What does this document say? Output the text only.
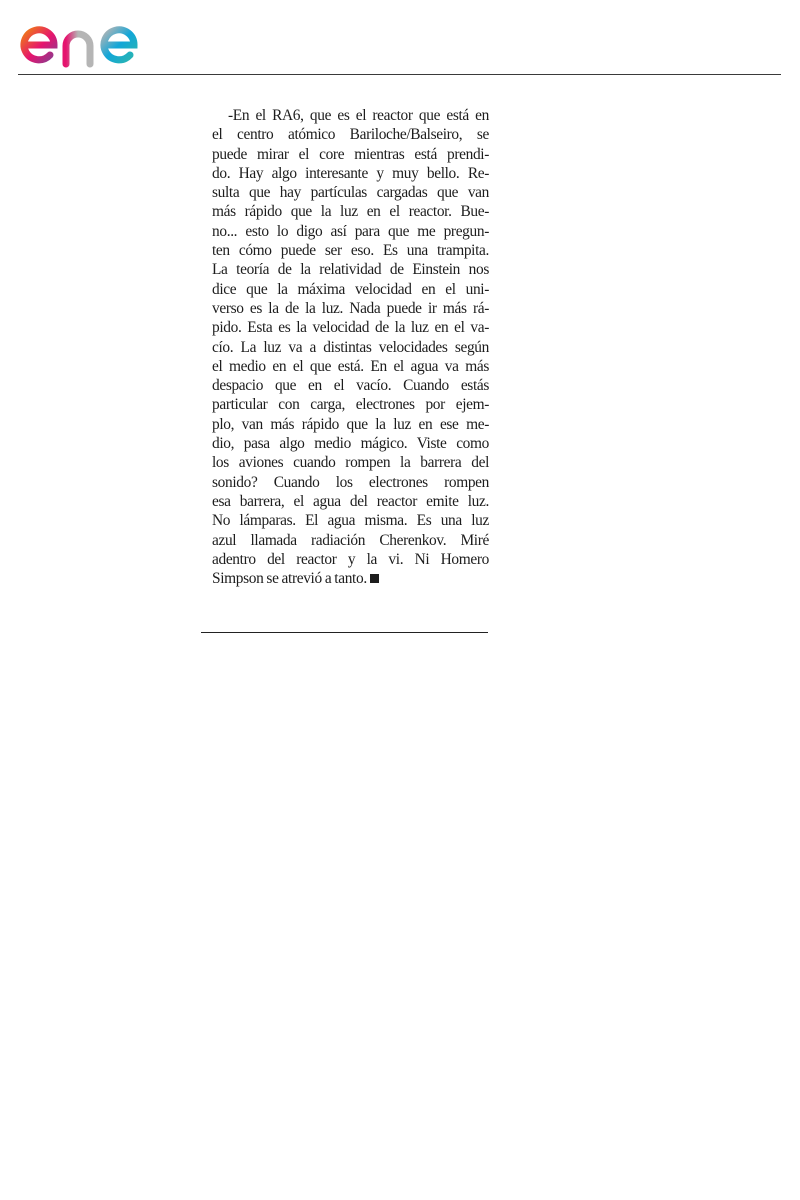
-En el RA6, que es el reactor que está en
el centro atómico Bariloche/Balseiro, se
puede mirar el core mientras está prendi-
do. Hay algo interesante y muy bello. Re-
sulta que hay partículas cargadas que van
más rápido que la luz en el reactor. Bue-
no... esto lo digo así para que me pregun-
ten cómo puede ser eso. Es una trampita.
La teoría de la relatividad de Einstein nos
dice que la máxima velocidad en el uni-
verso es la de la luz. Nada puede ir más rá-
pido. Esta es la velocidad de la luz en el va-
cío. La luz va a distintas velocidades según
el medio en el que está. En el agua va más
despacio que en el vacío. Cuando estás
particular con carga, electrones por ejem-
plo, van más rápido que la luz en ese me-
dio, pasa algo medio mágico. Viste como
los aviones cuando rompen la barrera del
sonido? Cuando los electrones rompen
esa barrera, el agua del reactor emite luz.
No lámparas. El agua misma. Es una luz
azul llamada radiación Cherenkov. Miré
adentro del reactor y la vi. Ni Homero
Simpson se atrevió a tanto.
